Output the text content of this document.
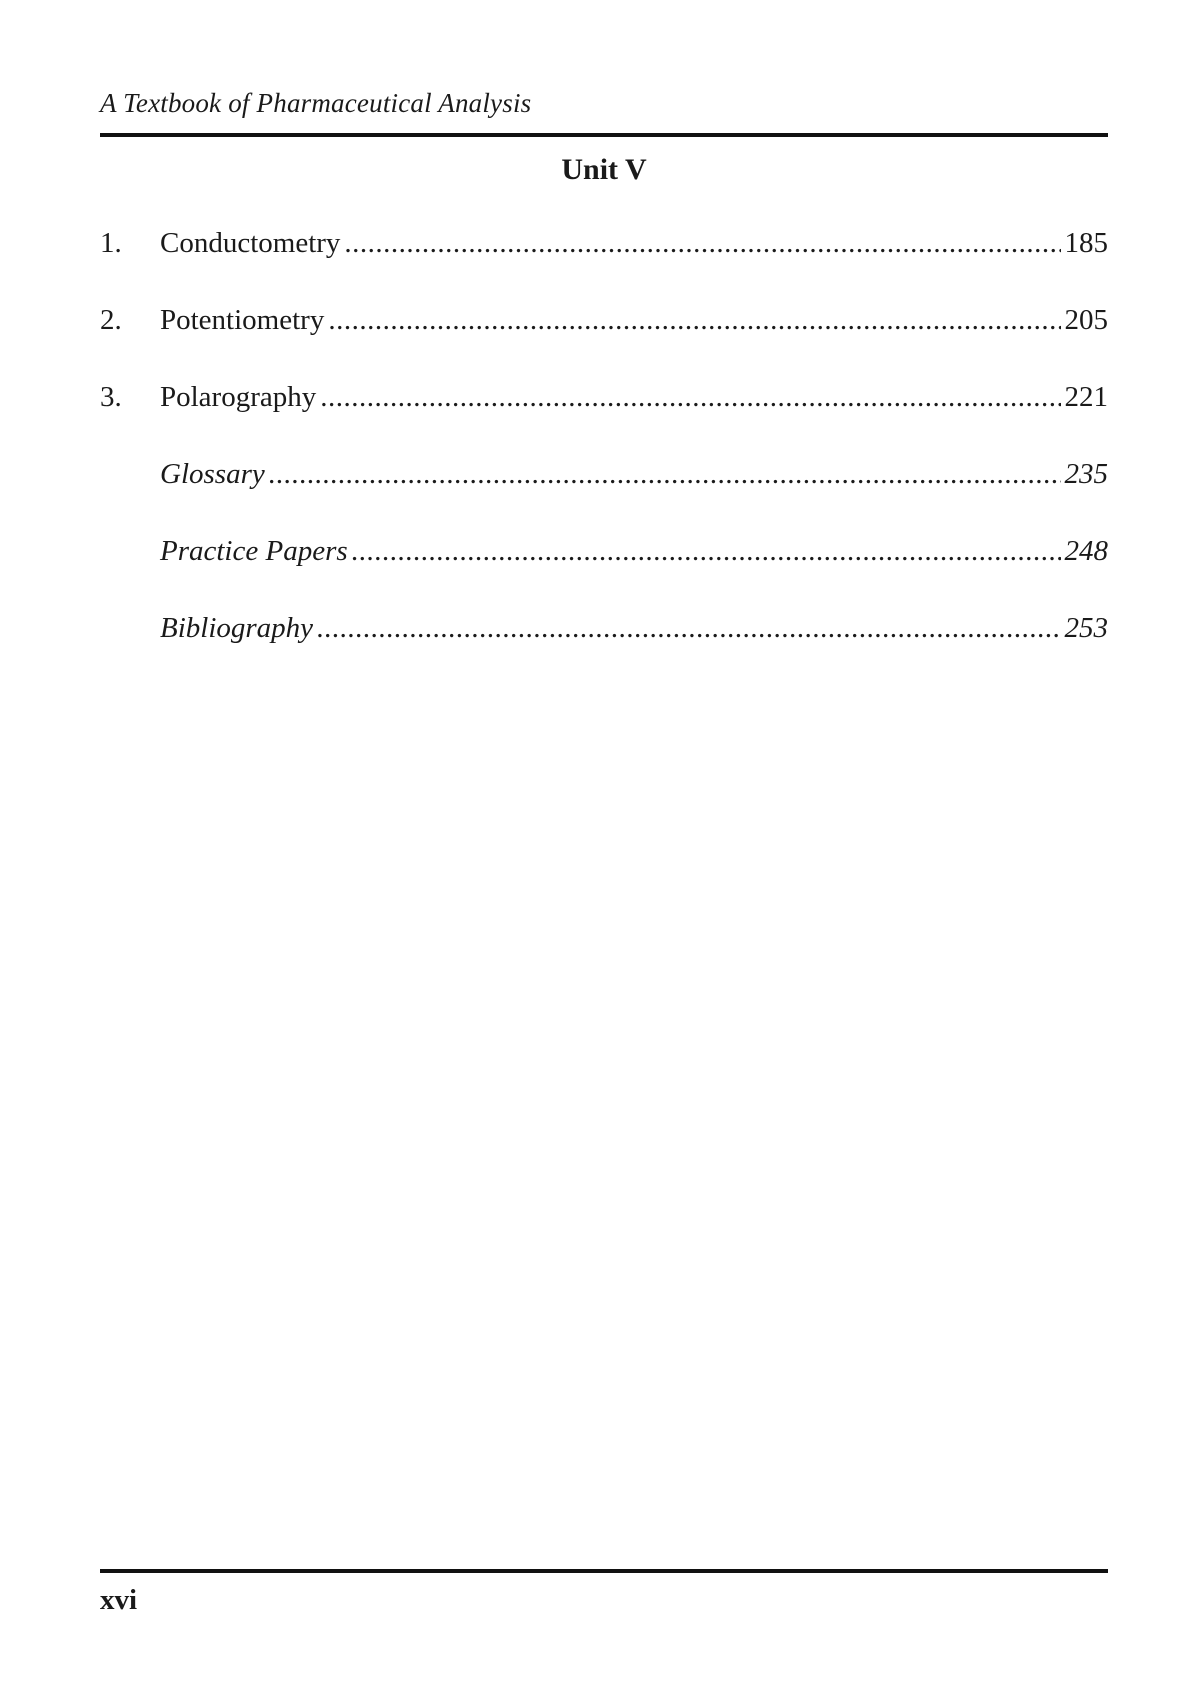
A Textbook of Pharmaceutical Analysis
Unit V
1.	Conductometry .....	185
2.	Potentiometry .....	205
3.	Polarography .....	221
Glossary .....	235
Practice Papers .....	248
Bibliography .....	253
xvi
